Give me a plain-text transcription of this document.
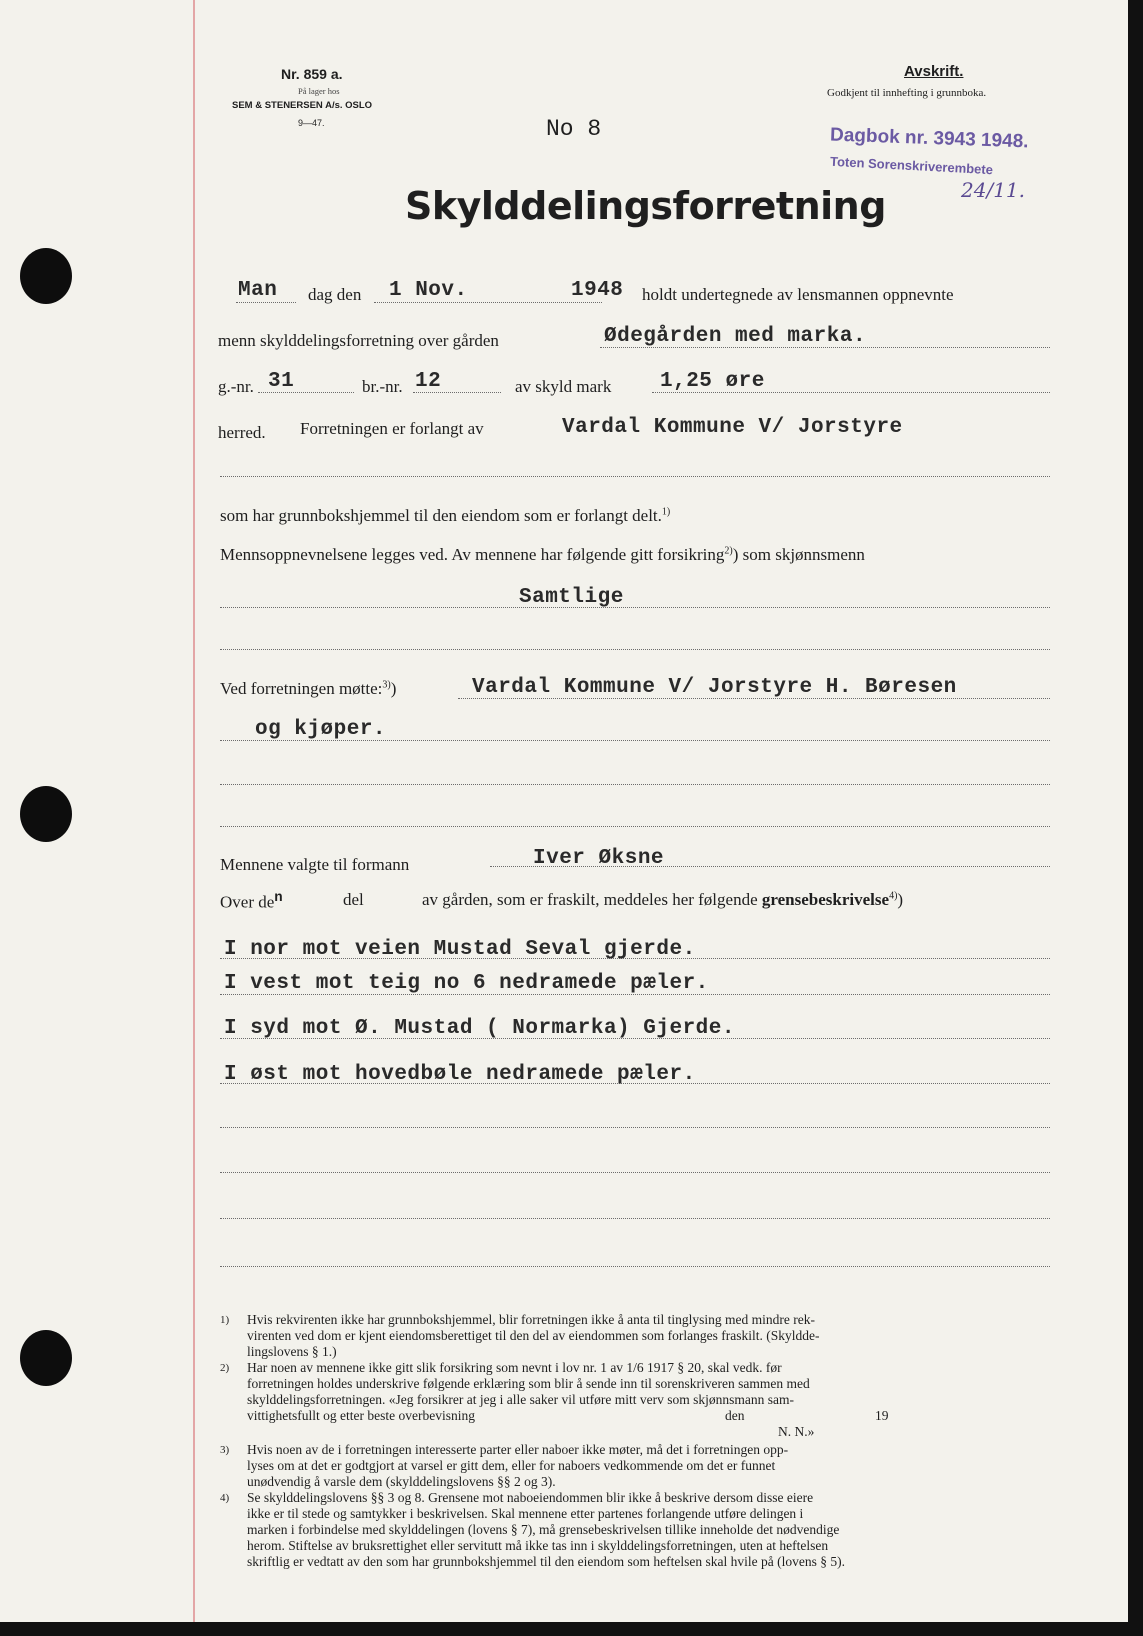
Nr. 859 a.
På lager hos
SEM & STENERSEN A/s. OSLO
9—47.
Avskrift.
Godkjent til innhefting i grunnboka.
No 8	Dagbok nr. 3943 1948.
Toten Sorenskriverembete
24/11.
Skylddelingsforretning
Man dag den 1 Nov.	1948 holdt undertegnede av lensmannen oppnevnte
menn skylddelingsforretning over gården	Ødegården med marka.
g.-nr. 31	br.-nr. 12	av skyld mark 1,25 øre
herred. Forretningen er forlangt av	Vardal Kommune V/ Jorstyre
som har grunnbokshjemmel til den eiendom som er forlangt delt.$^{1)}$
Mennsoppnevnelsene legges ved. Av mennene har følgende gitt forsikring$^{2)}$) som skjønnsmenn
Samtlige
Ved forretningen møtte:$^{3)}$)	Vardal Kommune V/ Jorstyre H. Børesen
og kjøper.
Mennene valgte til formann	Iver Øksne
Over $de^n$	del	av gården, som er fraskilt, meddeles her følgende grensebeskrivelse$^{4)}$)
I nor mot veien Mustad Seval gjerde.
I vest mot teig no 6 nedramede pæler.
I syd mot Ø. Mustad ( Normarka) Gjerde.
I øst mot hovedbøle nedramede pæler.
1) Hvis rekvirenten ikke har grunnbokshjemmel, blir forretningen ikke å anta til tinglysing med mindre rek-
virenten ved dom er kjent eiendomsberettiget til den del av eiendommen som forlanges fraskilt. (Skyldde-
lingslovens § 1.)
2) Har noen av mennene ikke gitt slik forsikring som nevnt i lov nr. 1 av 1/6 1917 § 20, skal vedk. før
forretningen holdes underskrive følgende erklæring som blir å sende inn til sorenskriveren sammen med
skylddelingsforretningen. «Jeg forsikrer at jeg i alle saker vil utføre mitt verv som skjønnsmann sam-
vittighetsfullt og etter beste overbevisning	den	19
N. N.»
3) Hvis noen av de i forretningen interesserte parter eller naboer ikke møter, må det i forretningen opp-
lyses om at det er godtgjort at varsel er gitt dem, eller for naboers vedkommende om det er funnet
unødvendig å varsle dem (skylddelingslovens §§ 2 og 3).
4) Se skylddelingslovens §§ 3 og 8. Grensene mot naboeiendommen blir ikke å beskrive dersom disse eiere
ikke er til stede og samtykker i beskrivelsen. Skal mennene etter partenes forlangende utføre delingen i
marken i forbindelse med skylddelingen (lovens § 7), må grensebeskrivelsen tillike inneholde det nødvendige
herom. Stiftelse av bruksrettighet eller servitutt må ikke tas inn i skylddelingsforretningen, uten at heftelsen
skriftlig er vedtatt av den som har grunnbokshjemmel til den eiendom som heftelsen skal hvile på (lovens § 5).
